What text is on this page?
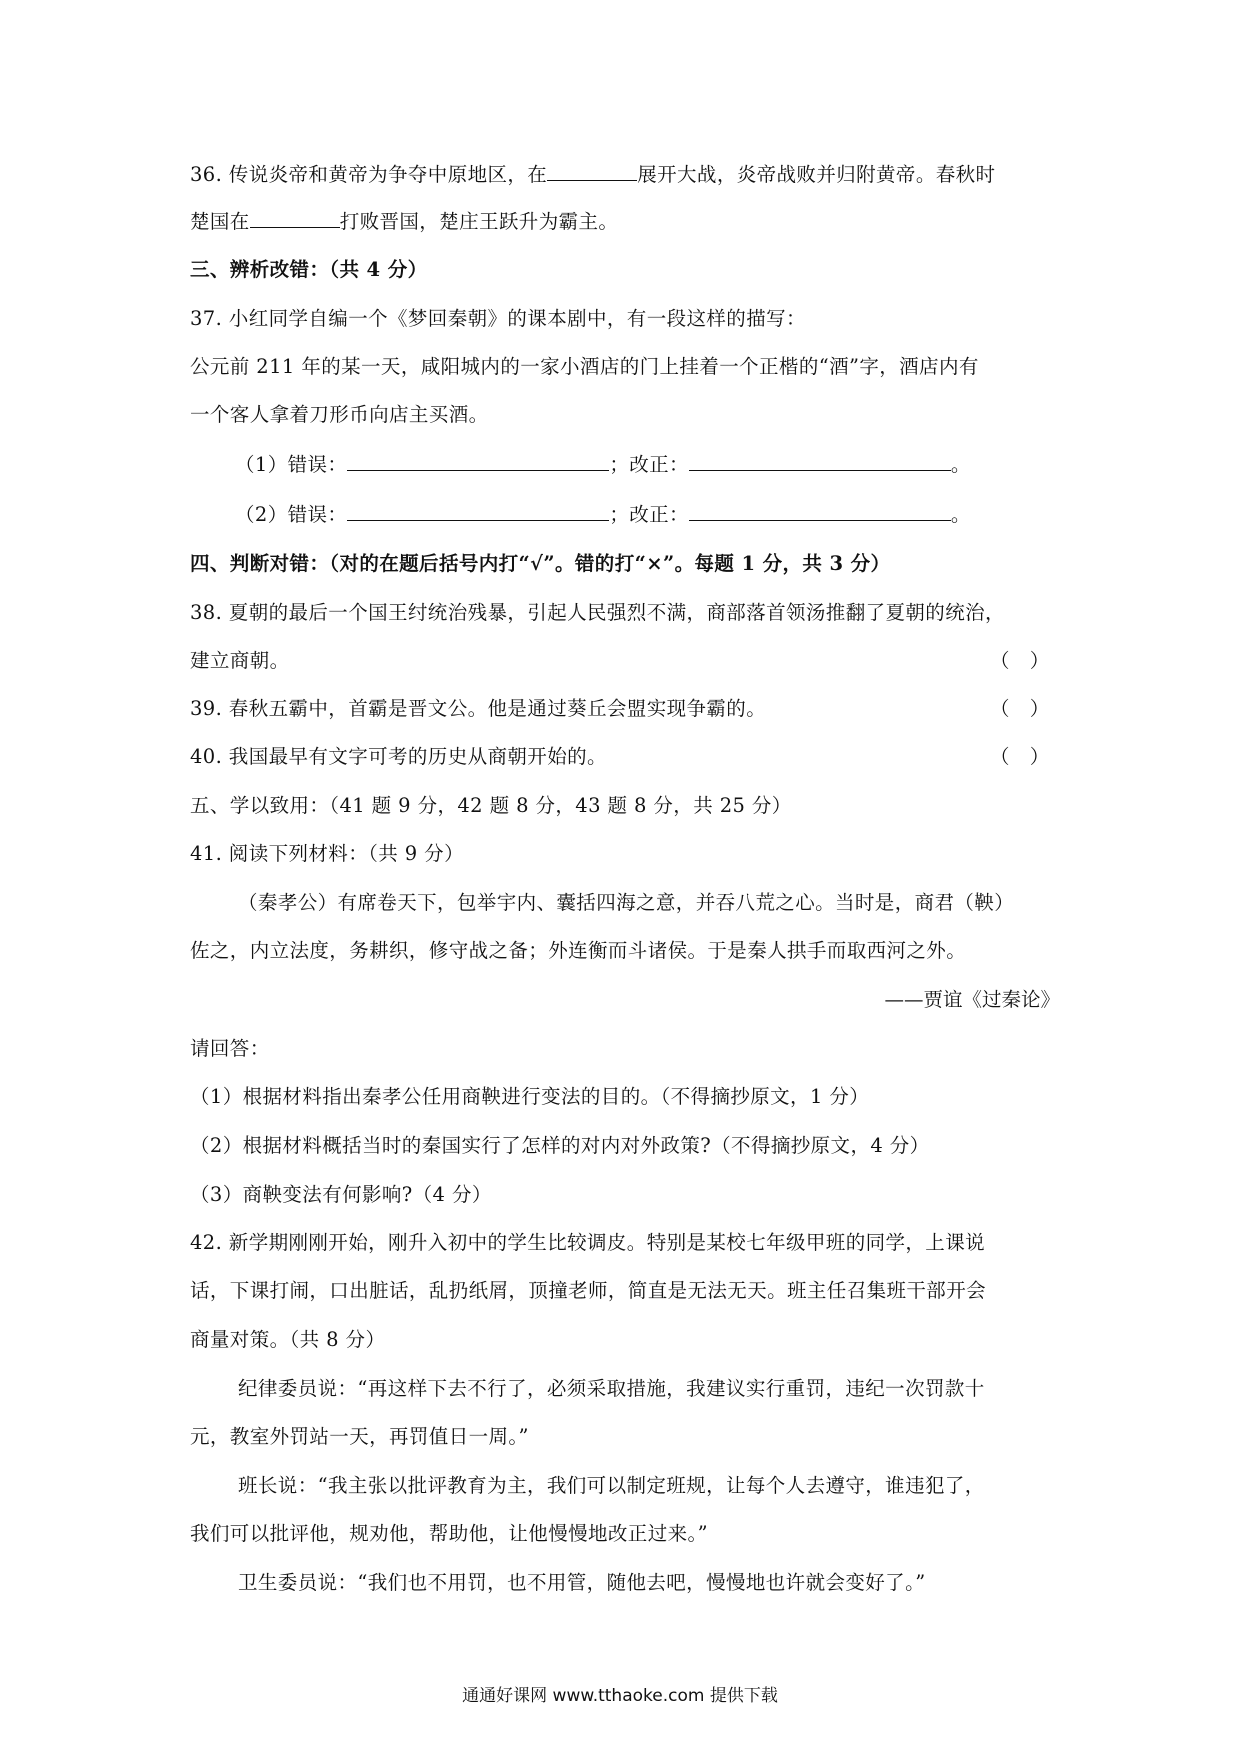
36. 传说炎帝和黄帝为争夺中原地区，在	展开大战，炎帝战败并归附黄帝。春秋时
楚国在	打败晋国，楚庄王跃升为霸主。
三、辨析改错：（共 4 分）
37. 小红同学自编一个《梦回秦朝》的课本剧中，有一段这样的描写：
公元前 211 年的某一天，咸阳城内的一家小酒店的门上挂着一个正楷的“酒”字，酒店内有
一个客人拿着刀形币向店主买酒。
（1）错误：	；改正：	。
（2）错误：	；改正：	。
四、判断对错：（对的在题后括号内打“√”。错的打“×”。每题 1 分，共 3 分）
38. 夏朝的最后一个国王纣统治残暴，引起人民强烈不满，商部落首领汤推翻了夏朝的统治，
建立商朝。	（ ）
39. 春秋五霸中，首霸是晋文公。他是通过葵丘会盟实现争霸的。	（ ）
40. 我国最早有文字可考的历史从商朝开始的。	（ ）
五、学以致用：（41 题 9 分，42 题 8 分，43 题 8 分，共 25 分）
41. 阅读下列材料：（共 9 分）
（秦孝公）有席卷天下，包举宇内、囊括四海之意，并吞八荒之心。当时是，商君（鞅）
佐之，内立法度，务耕织，修守战之备；外连衡而斗诸侯。于是秦人拱手而取西河之外。
——贾谊《过秦论》
请回答：
（1）根据材料指出秦孝公任用商鞅进行变法的目的。（不得摘抄原文，1 分）
（2）根据材料概括当时的秦国实行了怎样的对内对外政策?（不得摘抄原文，4 分）
（3）商鞅变法有何影响?（4 分）
42. 新学期刚刚开始，刚升入初中的学生比较调皮。特别是某校七年级甲班的同学，上课说
话，下课打闹，口出脏话，乱扔纸屑，顶撞老师，简直是无法无天。班主任召集班干部开会
商量对策。（共 8 分）
纪律委员说：“再这样下去不行了，必须采取措施，我建议实行重罚，违纪一次罚款十
元，教室外罚站一天，再罚值日一周。”
班长说：“我主张以批评教育为主，我们可以制定班规，让每个人去遵守，谁违犯了，
我们可以批评他，规劝他，帮助他，让他慢慢地改正过来。”
卫生委员说：“我们也不用罚，也不用管，随他去吧，慢慢地也许就会变好了。”
通通好课网 www.tthaoke.com 提供下载
